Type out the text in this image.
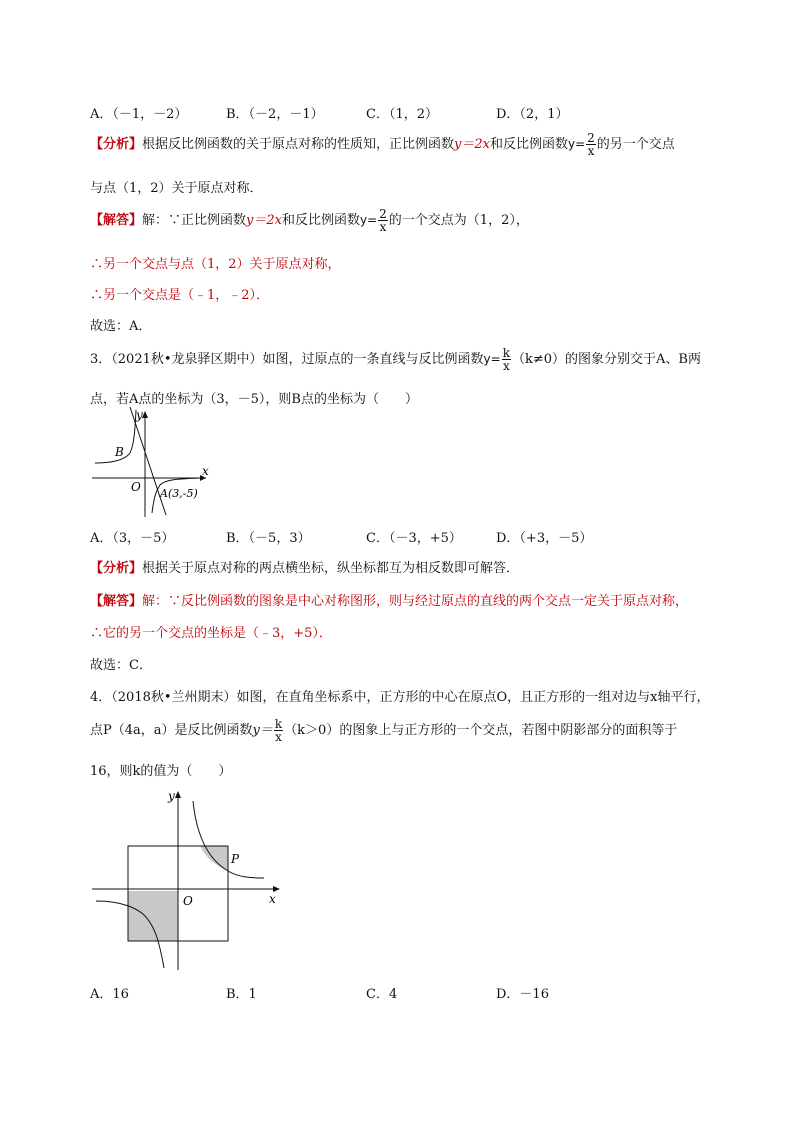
A．（－1，－2）	B．（－2，－1）	C．（1，2）	D．（2，1）
【分析】根据反比例函数的关于原点对称的性质知，正比例函数y＝2x和反比例函数$y= \frac{2}{x}$ 的另一个交点
与点（1，2）关于原点对称．
【解答】解：∵正比例函数y＝2x和反比例函数$y= \frac{2}{x}$ 的一个交点为（1，2），
∴另一个交点与点（1，2）关于原点对称，
∴另一个交点是（﹣1，﹣2）．
故选：A．
3．（2021秋•龙泉驿区期中）如图，过原点的一条直线与反比例函数$y= \frac{k}{x} (k\ne 0)$的图象分别交于A、B两
点，若A点的坐标为（3，－5），则B点的坐标为（　　）
B
O
x
y
A(3,-5)
A．（3，－5）	B．（－5，3）	C．（－3，+5）	D．（+3，－5）
【分析】根据关于原点对称的两点横坐标，纵坐标都互为相反数即可解答．
【解答】解：∵反比例函数的图象是中心对称图形，则与经过原点的直线的两个交点一定关于原点对称，
∴它的另一个交点的坐标是（﹣3，+5）．
故选：C．
4．（2018秋•兰州期末）如图，在直角坐标系中，正方形的中心在原点O，且正方形的一组对边与x轴平行，
点P（4a，a）是反比例函数$y= \frac{k}{x} (k>0)$的图象上与正方形的一个交点，若图中阴影部分的面积等于
16，则k的值为（　　）
P
O	x
y
A．16	B．1	C．4	D．－16
